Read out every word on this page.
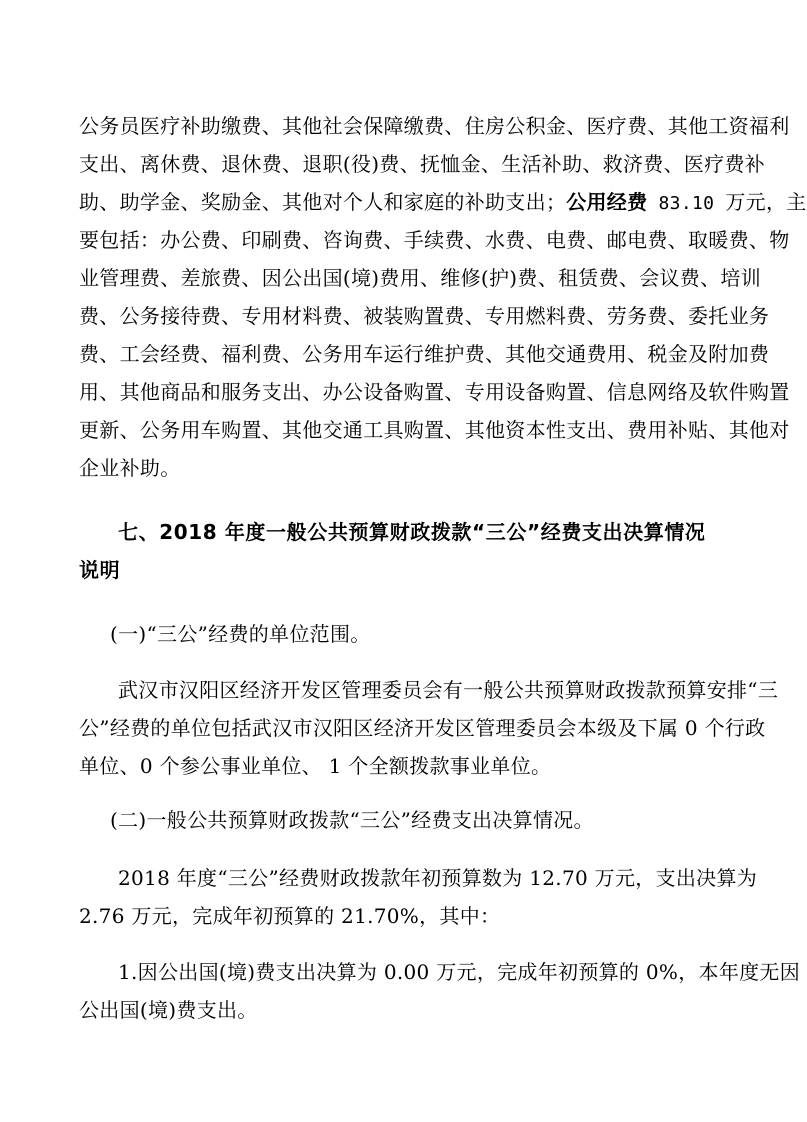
公务员医疗补助缴费、其他社会保障缴费、住房公积金、医疗费、其他工资福利
支出、离休费、退休费、退职(役)费、抚恤金、生活补助、救济费、医疗费补
助、助学金、奖励金、其他对个人和家庭的补助支出；公用经费 83.10 万元，主
要包括：办公费、印刷费、咨询费、手续费、水费、电费、邮电费、取暖费、物
业管理费、差旅费、因公出国(境)费用、维修(护)费、租赁费、会议费、培训
费、公务接待费、专用材料费、被装购置费、专用燃料费、劳务费、委托业务
费、工会经费、福利费、公务用车运行维护费、其他交通费用、税金及附加费
用、其他商品和服务支出、办公设备购置、专用设备购置、信息网络及软件购置
更新、公务用车购置、其他交通工具购置、其他资本性支出、费用补贴、其他对
企业补助。
七、2018 年度一般公共预算财政拨款“三公”经费支出决算情况
说明
(一)“三公”经费的单位范围。
武汉市汉阳区经济开发区管理委员会有一般公共预算财政拨款预算安排“三
公”经费的单位包括武汉市汉阳区经济开发区管理委员会本级及下属 0 个行政
单位、0 个参公事业单位、 1 个全额拨款事业单位。
(二)一般公共预算财政拨款“三公”经费支出决算情况。
2018 年度“三公”经费财政拨款年初预算数为 12.70 万元，支出决算为
2.76 万元，完成年初预算的 21.70%，其中：
1.因公出国(境)费支出决算为 0.00 万元，完成年初预算的 0%，本年度无因
公出国(境)费支出。
